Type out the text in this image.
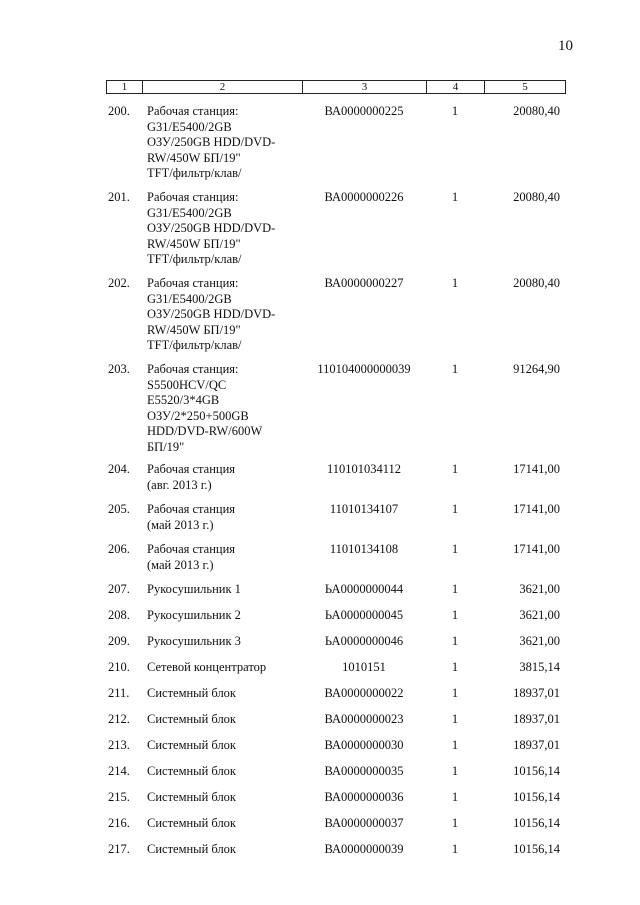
10
1	2	3	4	5
200.	Рабочая станция:
G31/E5400/2GB
ОЗУ/250GB HDD/DVD-
RW/450W БП/19"
TFT/фильтр/клав/
ВА0000000225	1	20080,40
201.	Рабочая станция:
G31/E5400/2GB
ОЗУ/250GB HDD/DVD-
RW/450W БП/19"
TFT/фильтр/клав/
ВА0000000226	1	20080,40
202.	Рабочая станция:
G31/E5400/2GB
ОЗУ/250GB HDD/DVD-
RW/450W БП/19"
TFT/фильтр/клав/
ВА0000000227	1	20080,40
203.	Рабочая станция:
S5500HCV/QC
E5520/3*4GB
ОЗУ/2*250+500GB
HDD/DVD-RW/600W
БП/19"
110104000000039	1	91264,90
204.	Рабочая станция
(авг. 2013 г.)
110101034112	1	17141,00
205.	Рабочая станция
(май 2013 г.)
11010134107	1	17141,00
206.	Рабочая станция
(май 2013 г.)
11010134108	1	17141,00
207.	Рукосушильник 1	ЬА0000000044	1	3621,00
208.	Рукосушильник 2	ЬА0000000045	1	3621,00
209.	Рукосушильник 3	ЬА0000000046	1	3621,00
210.	Сетевой концентратор	1010151	1	3815,14
211.	Системный блок	ВА0000000022	1	18937,01
212.	Системный блок	ВА0000000023	1	18937,01
213.	Системный блок	ВА0000000030	1	18937,01
214.	Системный блок	ВА0000000035	1	10156,14
215.	Системный блок	ВА0000000036	1	10156,14
216.	Системный блок	ВА0000000037	1	10156,14
217.	Системный блок	ВА0000000039	1	10156,14
